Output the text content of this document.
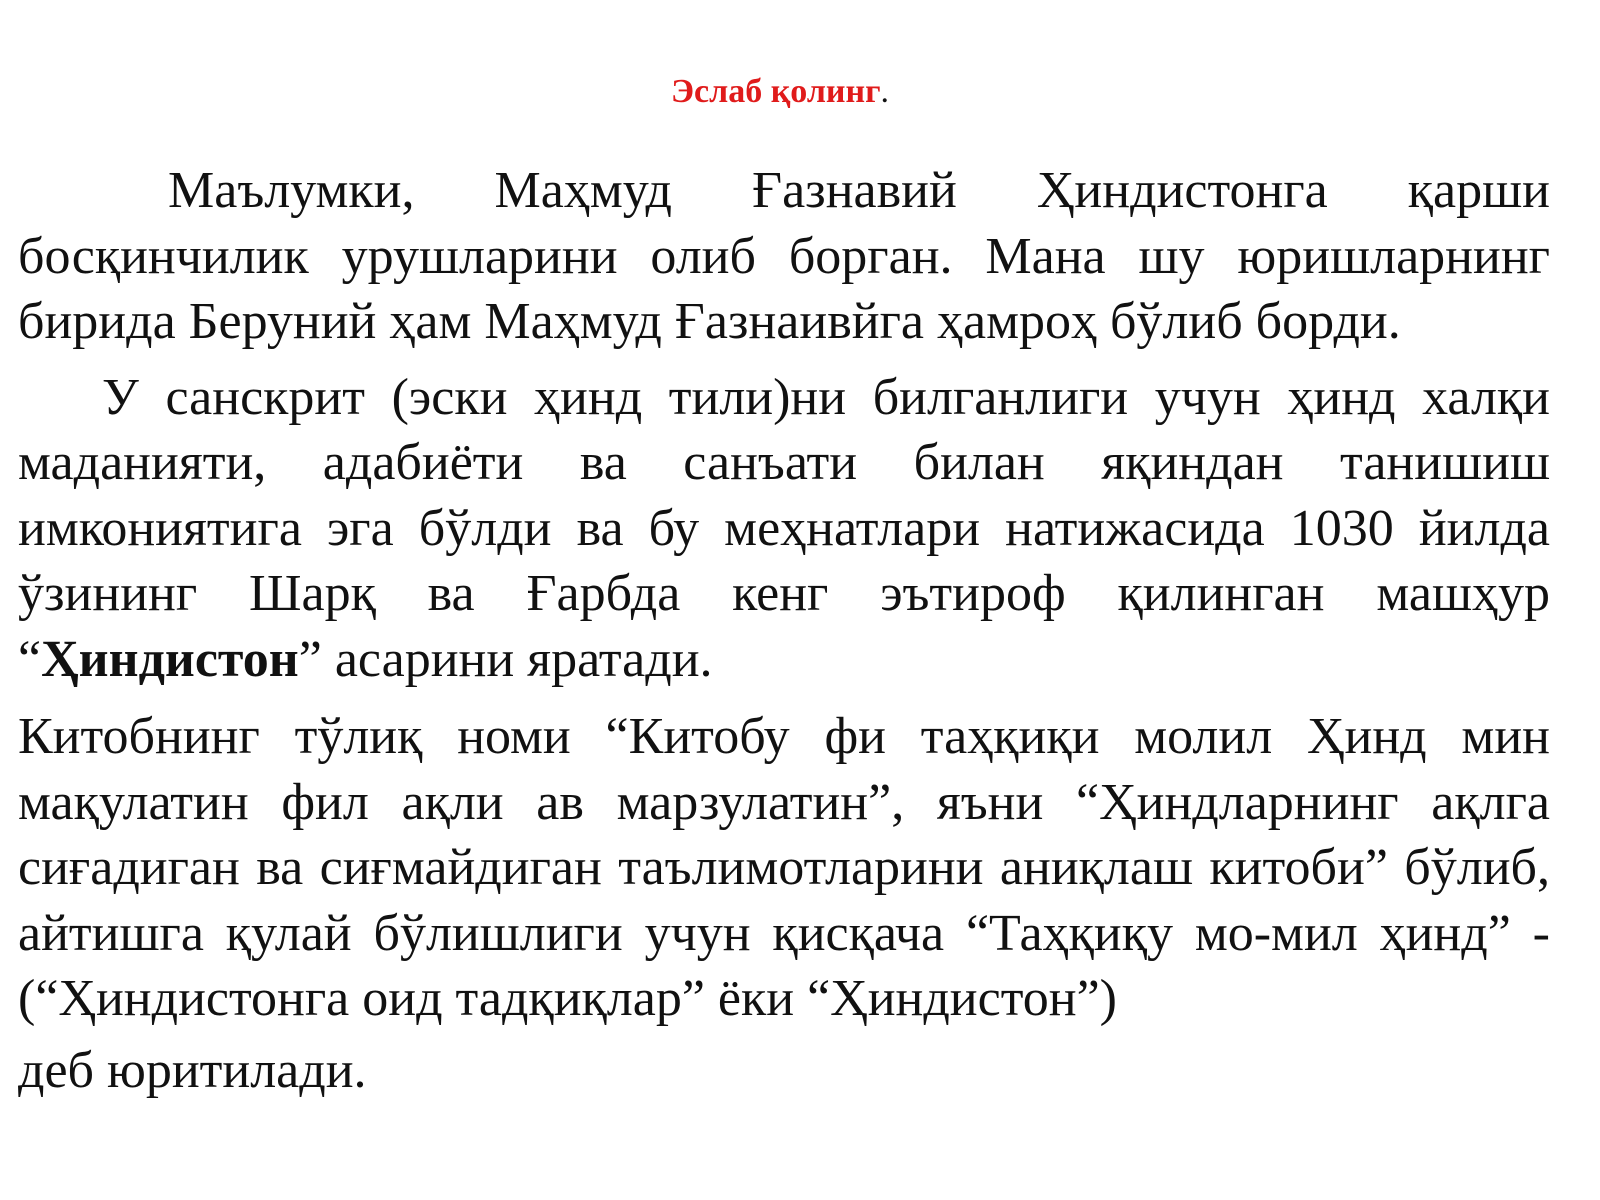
Эслаб қолинг.

Маълумки, Маҳмуд Ғазнавий Ҳиндистонга қарши босқинчилик урушларини олиб борган. Мана шу юришларнинг бирида Беруний ҳам Маҳмуд Ғазнаивйга ҳамроҳ бўлиб борди.

У санскрит (эски ҳинд тили)ни билганлиги учун ҳинд халқи маданияти, адабиёти ва санъати билан яқиндан танишиш имкониятига эга бўлди ва бу меҳнатлари натижасида 1030 йилда ўзининг Шарқ ва Ғарбда кенг эътироф қилинган машҳур “Ҳиндистон” асарини яратади.

Китобнинг тўлиқ номи “Китобу фи таҳқиқи молил Ҳинд мин мақулатин фил ақли ав марзулатин”, яъни “Ҳиндларнинг ақлга сиғадиган ва сиғмайдиган таълимотларини аниқлаш китоби” бўлиб, айтишга қулай бўлишлиги учун қисқача “Таҳқиқу мо-мил ҳинд” - (“Ҳиндистонга оид тадқиқлар” ёки “Ҳиндистон”)

деб юритилади.
